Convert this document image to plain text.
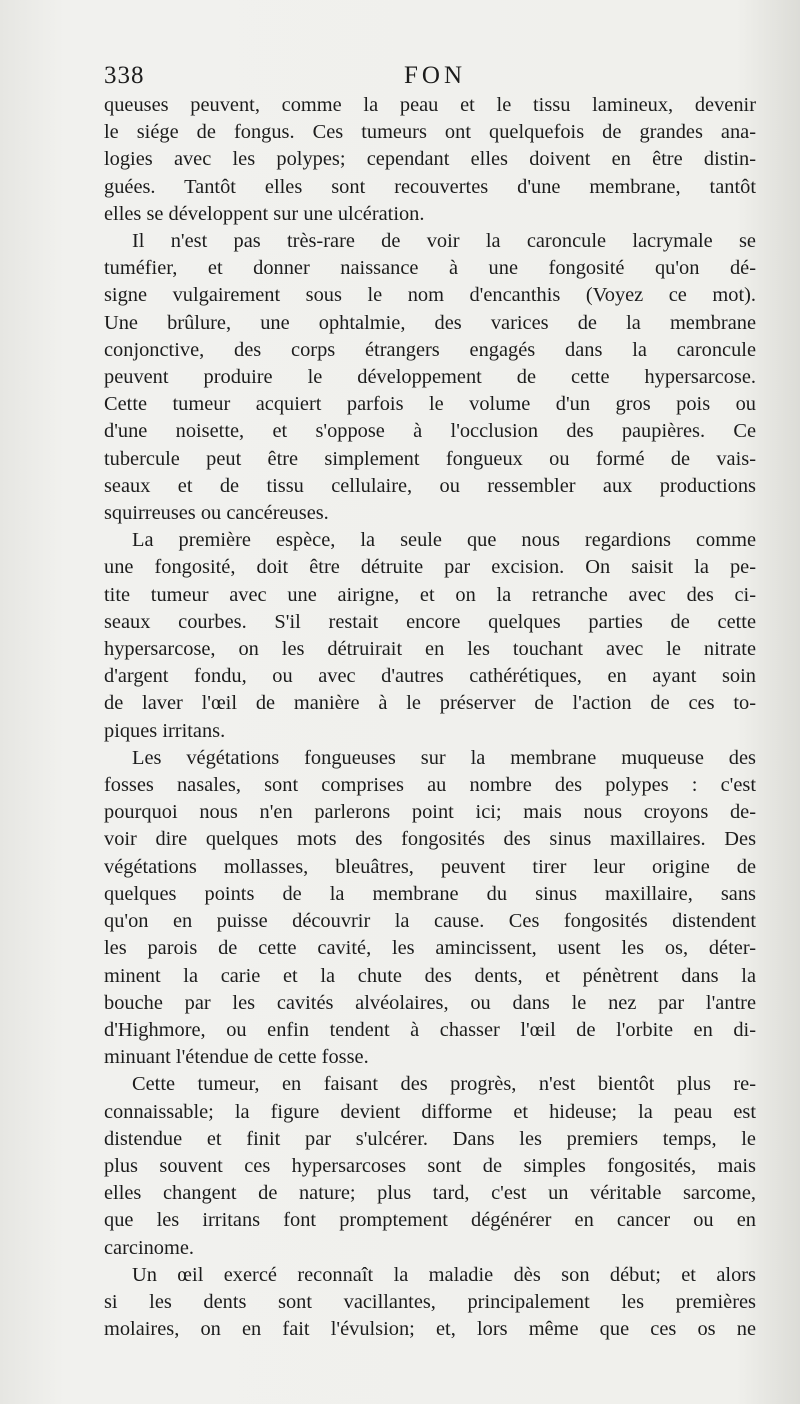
338	FON
queuses peuvent, comme la peau et le tissu lamineux, devenir
le siége de fongus. Ces tumeurs ont quelquefois de grandes ana-
logies avec les polypes; cependant elles doivent en être distin-
guées. Tantôt elles sont recouvertes d'une membrane, tantôt
elles se développent sur une ulcération.
Il n'est pas très-rare de voir la caroncule lacrymale se
tuméfier, et donner naissance à une fongosité qu'on dé-
signe vulgairement sous le nom d'encanthis (Voyez ce mot).
Une brûlure, une ophtalmie, des varices de la membrane
conjonctive, des corps étrangers engagés dans la caroncule
peuvent produire le développement de cette hypersarcose.
Cette tumeur acquiert parfois le volume d'un gros pois ou
d'une noisette, et s'oppose à l'occlusion des paupières. Ce
tubercule peut être simplement fongueux ou formé de vais-
seaux et de tissu cellulaire, ou ressembler aux productions
squirreuses ou cancéreuses.
La première espèce, la seule que nous regardions comme
une fongosité, doit être détruite par excision. On saisit la pe-
tite tumeur avec une airigne, et on la retranche avec des ci-
seaux courbes. S'il restait encore quelques parties de cette
hypersarcose, on les détruirait en les touchant avec le nitrate
d'argent fondu, ou avec d'autres cathérétiques, en ayant soin
de laver l'œil de manière à le préserver de l'action de ces to-
piques irritans.
Les végétations fongueuses sur la membrane muqueuse des
fosses nasales, sont comprises au nombre des polypes : c'est
pourquoi nous n'en parlerons point ici; mais nous croyons de-
voir dire quelques mots des fongosités des sinus maxillaires. Des
végétations mollasses, bleuâtres, peuvent tirer leur origine de
quelques points de la membrane du sinus maxillaire, sans
qu'on en puisse découvrir la cause. Ces fongosités distendent
les parois de cette cavité, les amincissent, usent les os, déter-
minent la carie et la chute des dents, et pénètrent dans la
bouche par les cavités alvéolaires, ou dans le nez par l'antre
d'Highmore, ou enfin tendent à chasser l'œil de l'orbite en di-
minuant l'étendue de cette fosse.
Cette tumeur, en faisant des progrès, n'est bientôt plus re-
connaissable; la figure devient difforme et hideuse; la peau est
distendue et finit par s'ulcérer. Dans les premiers temps, le
plus souvent ces hypersarcoses sont de simples fongosités, mais
elles changent de nature; plus tard, c'est un véritable sarcome,
que les irritans font promptement dégénérer en cancer ou en
carcinome.
Un œil exercé reconnaît la maladie dès son début; et alors
si les dents sont vacillantes, principalement les premières
molaires, on en fait l'évulsion; et, lors même que ces os ne
